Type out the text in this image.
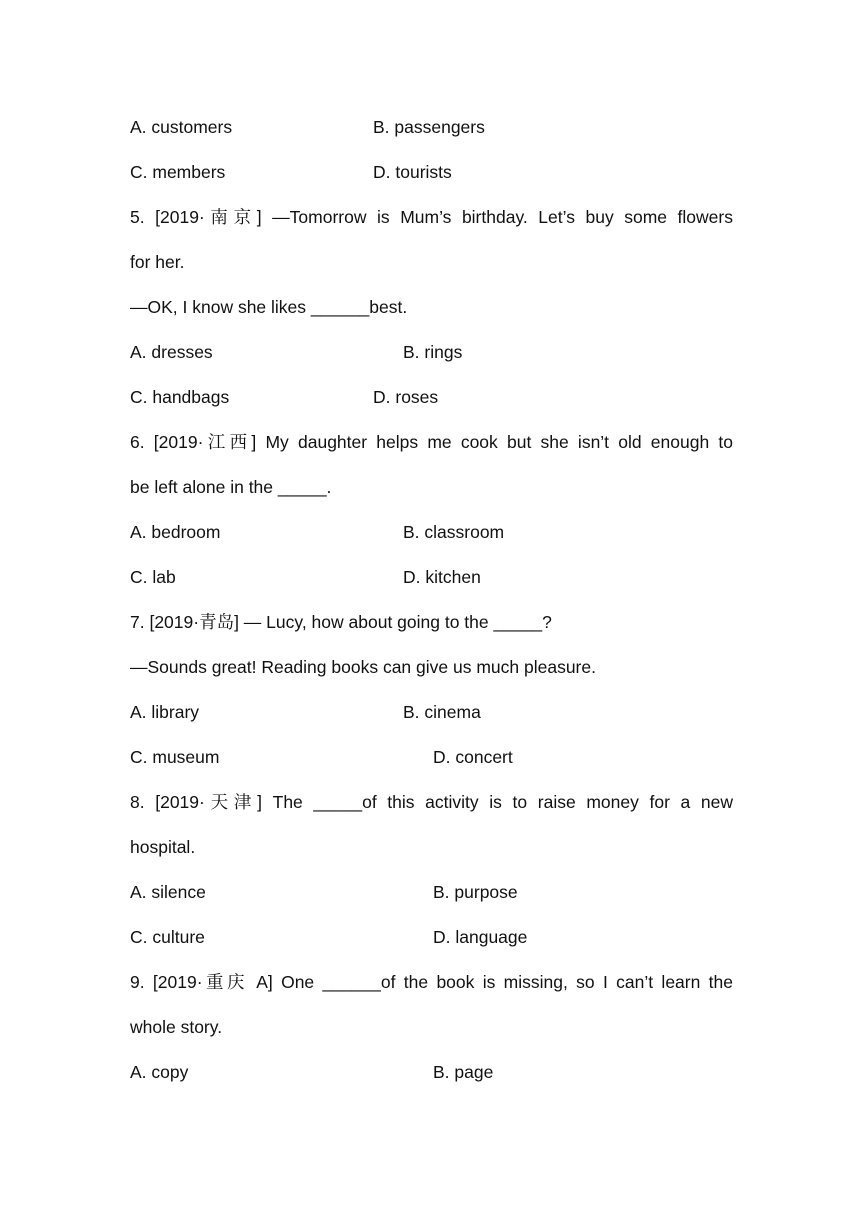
A. customers	B. passengers
C. members	D. tourists
5. [2019·南京] —Tomorrow is Mum’s birthday. Let’s buy some flowers
for her.
—OK, I know she likes ______best.
A. dresses	B. rings
C. handbags	D. roses
6. [2019·江西] My daughter helps me cook but she isn’t old enough to
be left alone in the _____.
A. bedroom	B. classroom
C. lab	D. kitchen
7. [2019·青岛] — Lucy, how about going to the _____?
—Sounds great! Reading books can give us much pleasure.
A. library	B. cinema
C. museum	D. concert
8. [2019·天津] The _____of this activity is to raise money for a new
hospital.
A. silence	B. purpose
C. culture	D. language
9. [2019·重庆 A] One ______of the book is missing, so I can’t learn the
whole story.
A. copy	B. page
